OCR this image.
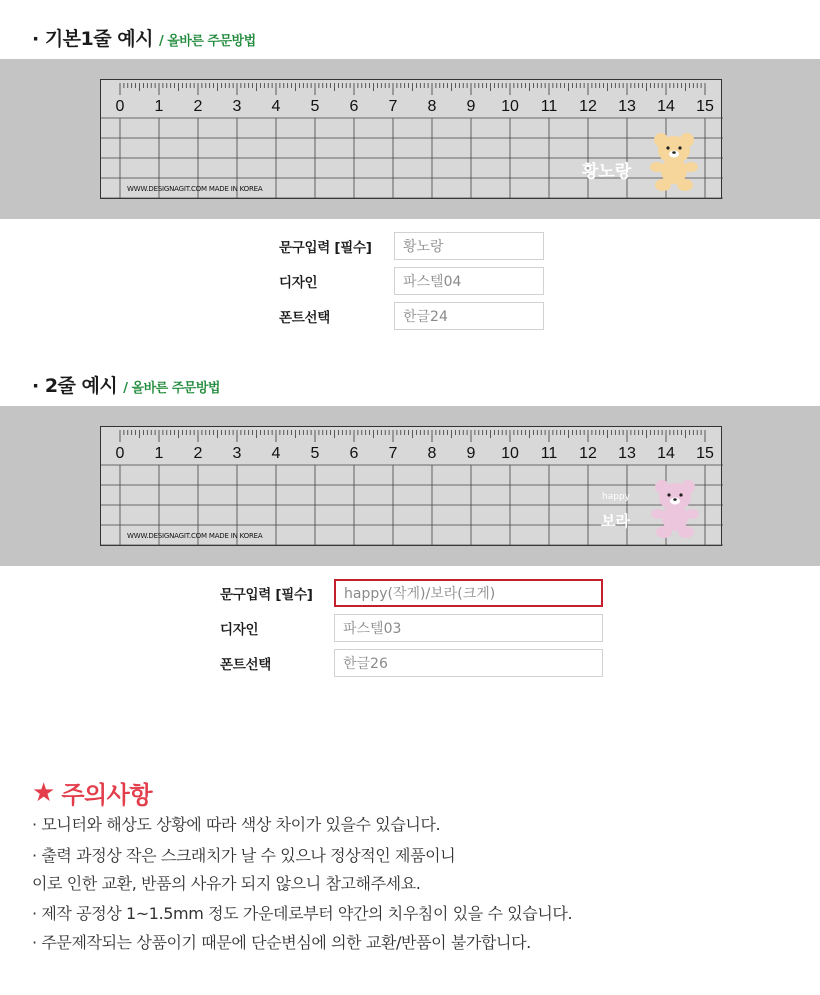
· 기본1줄 예시 / 올바른 주문방법
0 1 2 3 4 5 6 7 8 9 10 11 12 13 14 15
WWW.DESIGNAGIT.COM MADE IN KOREA
황노랑
문구입력 [필수]	황노랑
디자인	파스텔04
폰트선택	한글24
· 2줄 예시 / 올바른 주문방법
0 1 2 3 4 5 6 7 8 9 10 11 12 13 14 15
WWW.DESIGNAGIT.COM MADE IN KOREA
happy
보라
문구입력 [필수]	happy(작게)/보라(크게)
디자인	파스텔03
폰트선택	한글26
★ 주의사항
· 모니터와 해상도 상황에 따라 색상 차이가 있을수 있습니다.
· 출력 과정상 작은 스크래치가 날 수 있으나 정상적인 제품이니
이로 인한 교환, 반품의 사유가 되지 않으니 참고해주세요.
· 제작 공정상 1~1.5mm 정도 가운데로부터 약간의 치우침이 있을 수 있습니다.
· 주문제작되는 상품이기 때문에 단순변심에 의한 교환/반품이 불가합니다.
